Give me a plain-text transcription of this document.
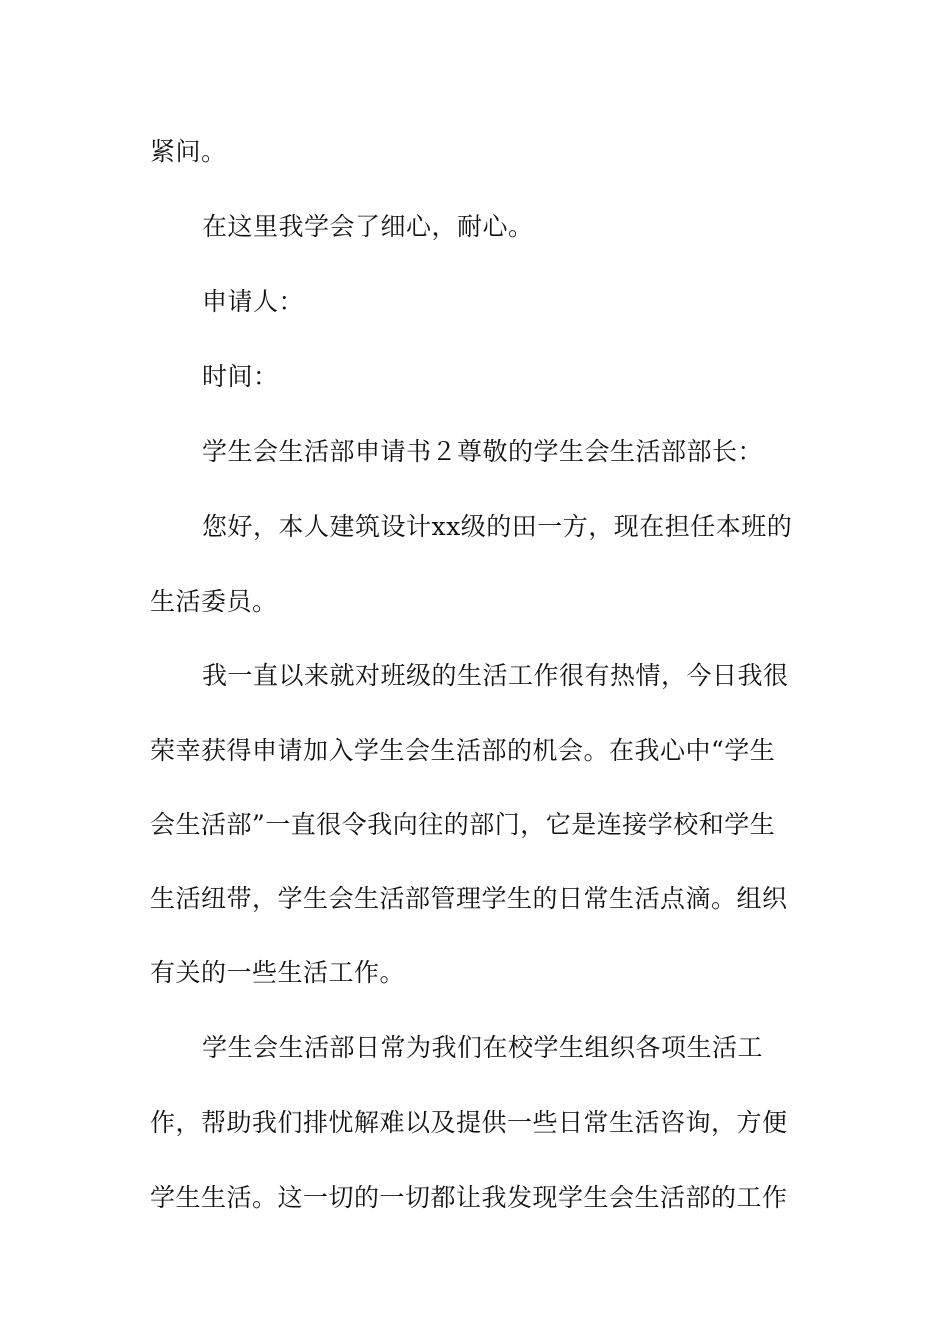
紧问。
在这里我学会了细心，耐心。
申请人：
时间：
学生会生活部申请书２尊敬的学生会生活部部长：
您好，本人建筑设计xx级的田一方，现在担任本班的
生活委员。
我一直以来就对班级的生活工作很有热情，今日我很
荣幸获得申请加入学生会生活部的机会。在我心中“学生
会生活部”一直很令我向往的部门，它是连接学校和学生
生活纽带，学生会生活部管理学生的日常生活点滴。组织
有关的一些生活工作。
学生会生活部日常为我们在校学生组织各项生活工
作，帮助我们排忧解难以及提供一些日常生活咨询，方便
学生生活。这一切的一切都让我发现学生会生活部的工作
